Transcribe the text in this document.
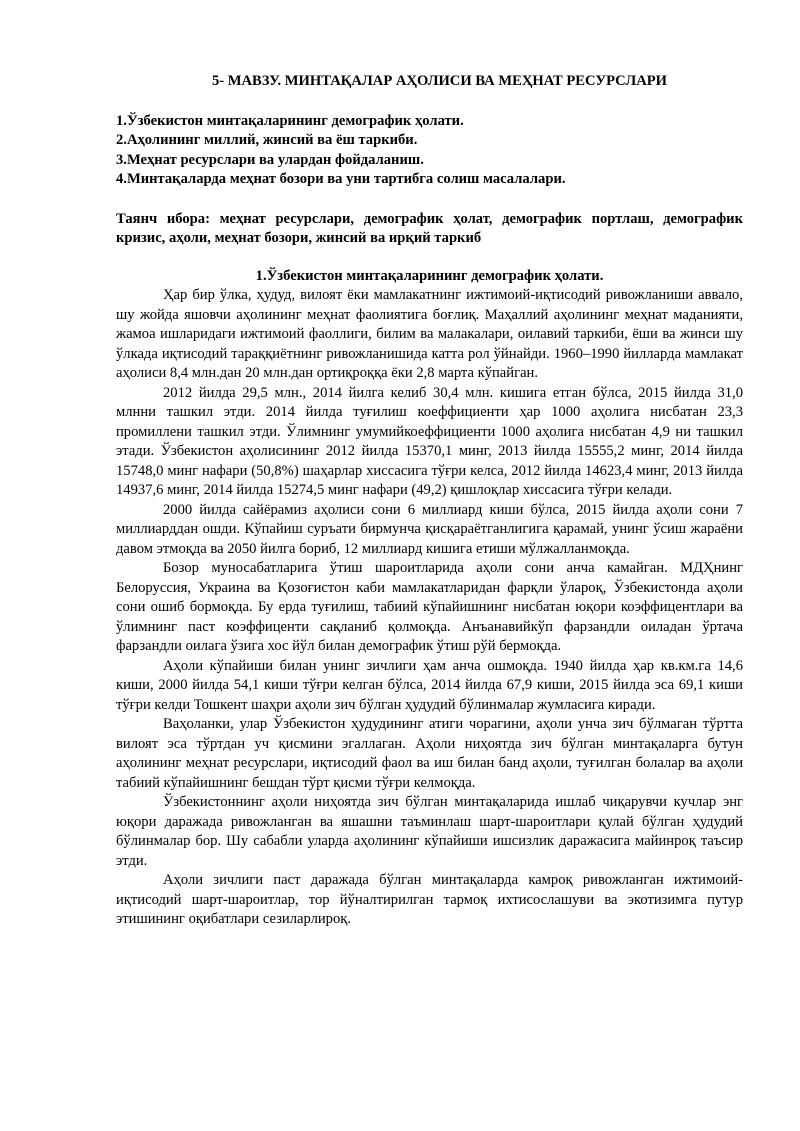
5- МАВЗУ. МИНТАҚАЛАР АҲОЛИСИ ВА МЕҲНАТ РЕСУРСЛАРИ
1.Ўзбекистон минтақаларининг демографик ҳолати.
2.Аҳолининг миллий, жинсий ва ёш таркиби.
3.Меҳнат ресурслари ва улардан фойдаланиш.
4.Минтақаларда меҳнат бозори ва уни тартибга солиш масалалари.

Таянч ибора: меҳнат ресурслари, демографик ҳолат, демографик портлаш, демографик кризис, аҳоли, меҳнат бозори, жинсий ва ирқий таркиб

1.Ўзбекистон минтақаларининг демографик ҳолати.

Ҳар бир ўлка, ҳудуд, вилоят ёки мамлакатнинг ижтимоий-иқтисодий ривожланиши аввало, шу жойда яшовчи аҳолининг меҳнат фаолиятига боғлиқ. Маҳаллий аҳолининг меҳнат маданияти, жамоа ишларидаги ижтимоий фаоллиги, билим ва малакалари, оилавий таркиби, ёши ва жинси шу ўлкада иқтисодий тараққиётнинг ривожланишида катта рол ўйнайди. 1960–1990 йилларда мамлакат аҳолиси 8,4 млн.дан 20 млн.дан ортиқроққа ёки 2,8 марта кўпайган.

2012 йилда 29,5 млн., 2014 йилга келиб 30,4 млн. кишига етган бўлса, 2015 йилда 31,0 млнни ташкил этди. 2014 йилда туғилиш коеффициенти ҳар 1000 аҳолига нисбатан 23,3 промиллени ташкил этди. Ўлимнинг умумийкоеффициенти 1000 аҳолига нисбатан 4,9 ни ташкил этади. Ўзбекистон аҳолисининг 2012 йилда 15370,1 минг, 2013 йилда 15555,2 минг, 2014 йилда 15748,0 минг нафари (50,8%) шаҳарлар хиссасига тўғри келса, 2012 йилда 14623,4 минг, 2013 йилда 14937,6 минг, 2014 йилда 15274,5 минг нафари (49,2) қишлоқлар хиссасига тўғри келади.

2000 йилда сайёрамиз аҳолиси сони 6 миллиард киши бўлса, 2015 йилда аҳоли сони 7 миллиарддан ошди. Кўпайиш суръати бирмунча қисқараётганлигига қарамай, унинг ўсиш жараёни давом этмоқда ва 2050 йилга бориб, 12 миллиард кишига етиши мўлжалланмоқда.

Бозор муносабатларига ўтиш шароитларида аҳоли сони анча камайган. МДҲнинг Белоруссия, Украина ва Қозоғистон каби мамлакатларидан фарқли ўлароқ, Ўзбекистонда аҳоли сони ошиб бормоқда. Бу ерда туғилиш, табиий кўпайишнинг нисбатан юқори коэффицентлари ва ўлимнинг паст коэффиценти сақланиб қолмоқда. Анъанавийкўп фарзандли оиладан ўртача фарзандли оилага ўзига хос йўл билан демографик ўтиш рўй бермоқда.

Аҳоли кўпайиши билан унинг зичлиги ҳам анча ошмоқда. 1940 йилда ҳар кв.км.га 14,6 киши, 2000 йилда 54,1 киши тўғри келган бўлса, 2014 йилда 67,9 киши, 2015 йилда эса 69,1 киши тўғри келди Тошкент шаҳри аҳоли зич бўлган ҳудудий бўлинмалар жумласига киради.

Ваҳоланки, улар Ўзбекистон ҳудудининг атиги чорагини, аҳоли унча зич бўлмаган тўртта вилоят эса тўртдан уч қисмини эгаллаган. Аҳоли ниҳоятда зич бўлган минтақаларга бутун аҳолининг меҳнат ресурслари, иқтисодий фаол ва иш билан банд аҳоли, туғилган болалар ва аҳоли табиий кўпайишнинг бешдан тўрт қисми тўғри келмоқда.

Ўзбекистоннинг аҳоли ниҳоятда зич бўлган минтақаларида ишлаб чиқарувчи кучлар энг юқори даражада ривожланган ва яшашни таъминлаш шарт-шароитлари қулай бўлган ҳудудий бўлинмалар бор. Шу сабабли уларда аҳолининг кўпайиши ишсизлик даражасига майинроқ таъсир этди.

Аҳоли зичлиги паст даражада бўлган минтақаларда камроқ ривожланган ижтимоий-иқтисодий шарт-шароитлар, тор йўналтирилган тармоқ ихтисослашуви ва экотизимга путур этишининг оқибатлари сезиларлироқ.
